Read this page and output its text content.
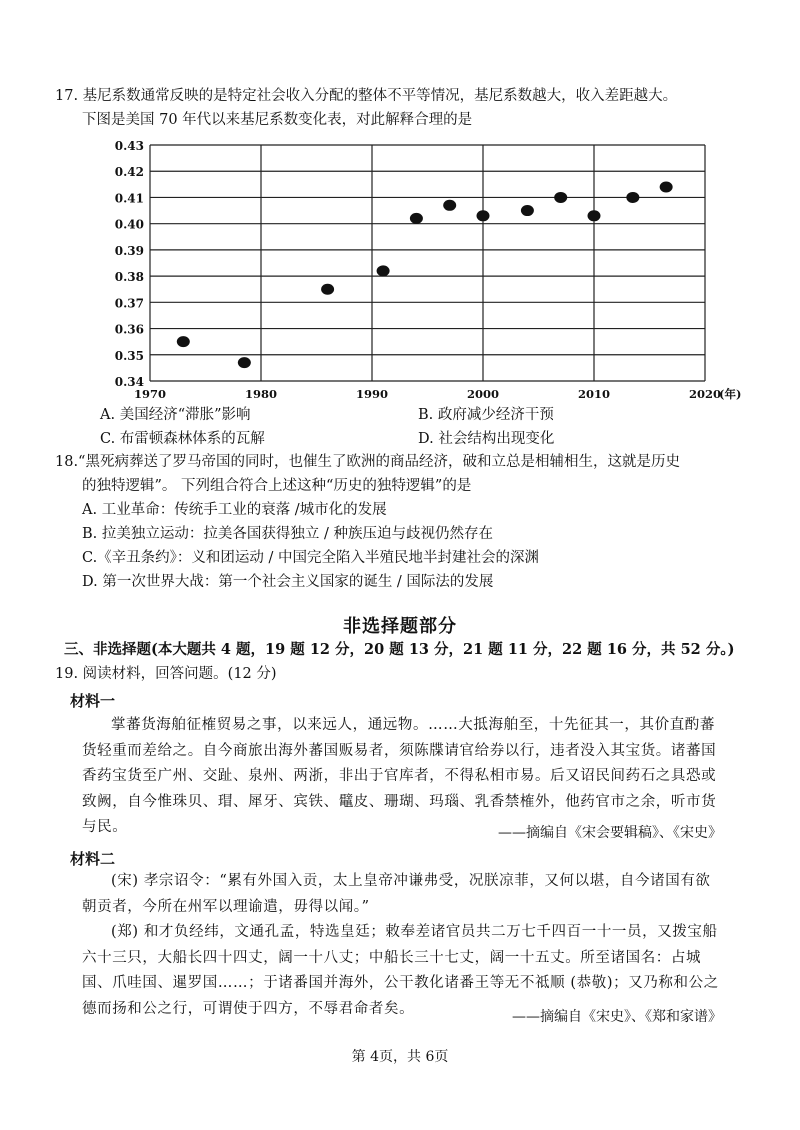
17. 基尼系数通常反映的是特定社会收入分配的整体不平等情况，基尼系数越大，收入差距越大。
下图是美国 70 年代以来基尼系数变化表，对此解释合理的是
0.34
0.35
0.36
0.37
0.38
0.39
0.40
0.41
0.42
0.43
1970	1980	1990	2000	2010	2020
(年)
A. 美国经济“滞胀”影响	B. 政府减少经济干预
C. 布雷顿森林体系的瓦解	D. 社会结构出现变化
18.“黑死病葬送了罗马帝国的同时，也催生了欧洲的商品经济，破和立总是相辅相生，这就是历史
的独特逻辑”。 下列组合符合上述这种“历史的独特逻辑”的是
A. 工业革命：传统手工业的衰落 /城市化的发展
B. 拉美独立运动：拉美各国获得独立 / 种族压迫与歧视仍然存在
C.《辛丑条约》：义和团运动 / 中国完全陷入半殖民地半封建社会的深渊
D. 第一次世界大战：第一个社会主义国家的诞生 / 国际法的发展
非选择题部分
三、非选择题(本大题共 4 题，19 题 12 分，20 题 13 分，21 题 11 分，22 题 16 分，共 52 分。)
19. 阅读材料，回答问题。(12 分)
材料一
掌蕃货海舶征榷贸易之事，以来远人，通远物。……大抵海舶至，十先征其一，其价直酌蕃货轻重而差给之。自今商旅出海外蕃国贩易者，须陈牒请官给券以行，违者没入其宝货。诸蕃国香药宝货至广州、交趾、泉州、两浙，非出于官库者，不得私相市易。后又诏民间药石之具恐或致阙，自今惟珠贝、瑁、犀牙、宾铁、鼊皮、珊瑚、玛瑙、乳香禁榷外，他药官市之余，听市货与民。	——摘编自《宋会要辑稿》、《宋史》
材料二
(宋) 孝宗诏令：“累有外国入贡，太上皇帝冲谦弗受，况朕凉菲，又何以堪，自今诸国有欲朝贡者，今所在州军以理谕遣，毋得以闻。”
(郑) 和才负经纬，文通孔孟，特选皇廷；敕奉差诸官员共二万七千四百一十一员，又拨宝船六十三只，大船长四十四丈，阔一十八丈；中船长三十七丈，阔一十五丈。所至诸国名：占城国、爪哇国、暹罗国……；于诸番国并海外，公干教化诸番王等无不祗顺 (恭敬)；又乃称和公之德而扬和公之行，可谓使于四方，不辱君命者矣。
——摘编自《宋史》、《郑和家谱》
第 4页，共 6页
